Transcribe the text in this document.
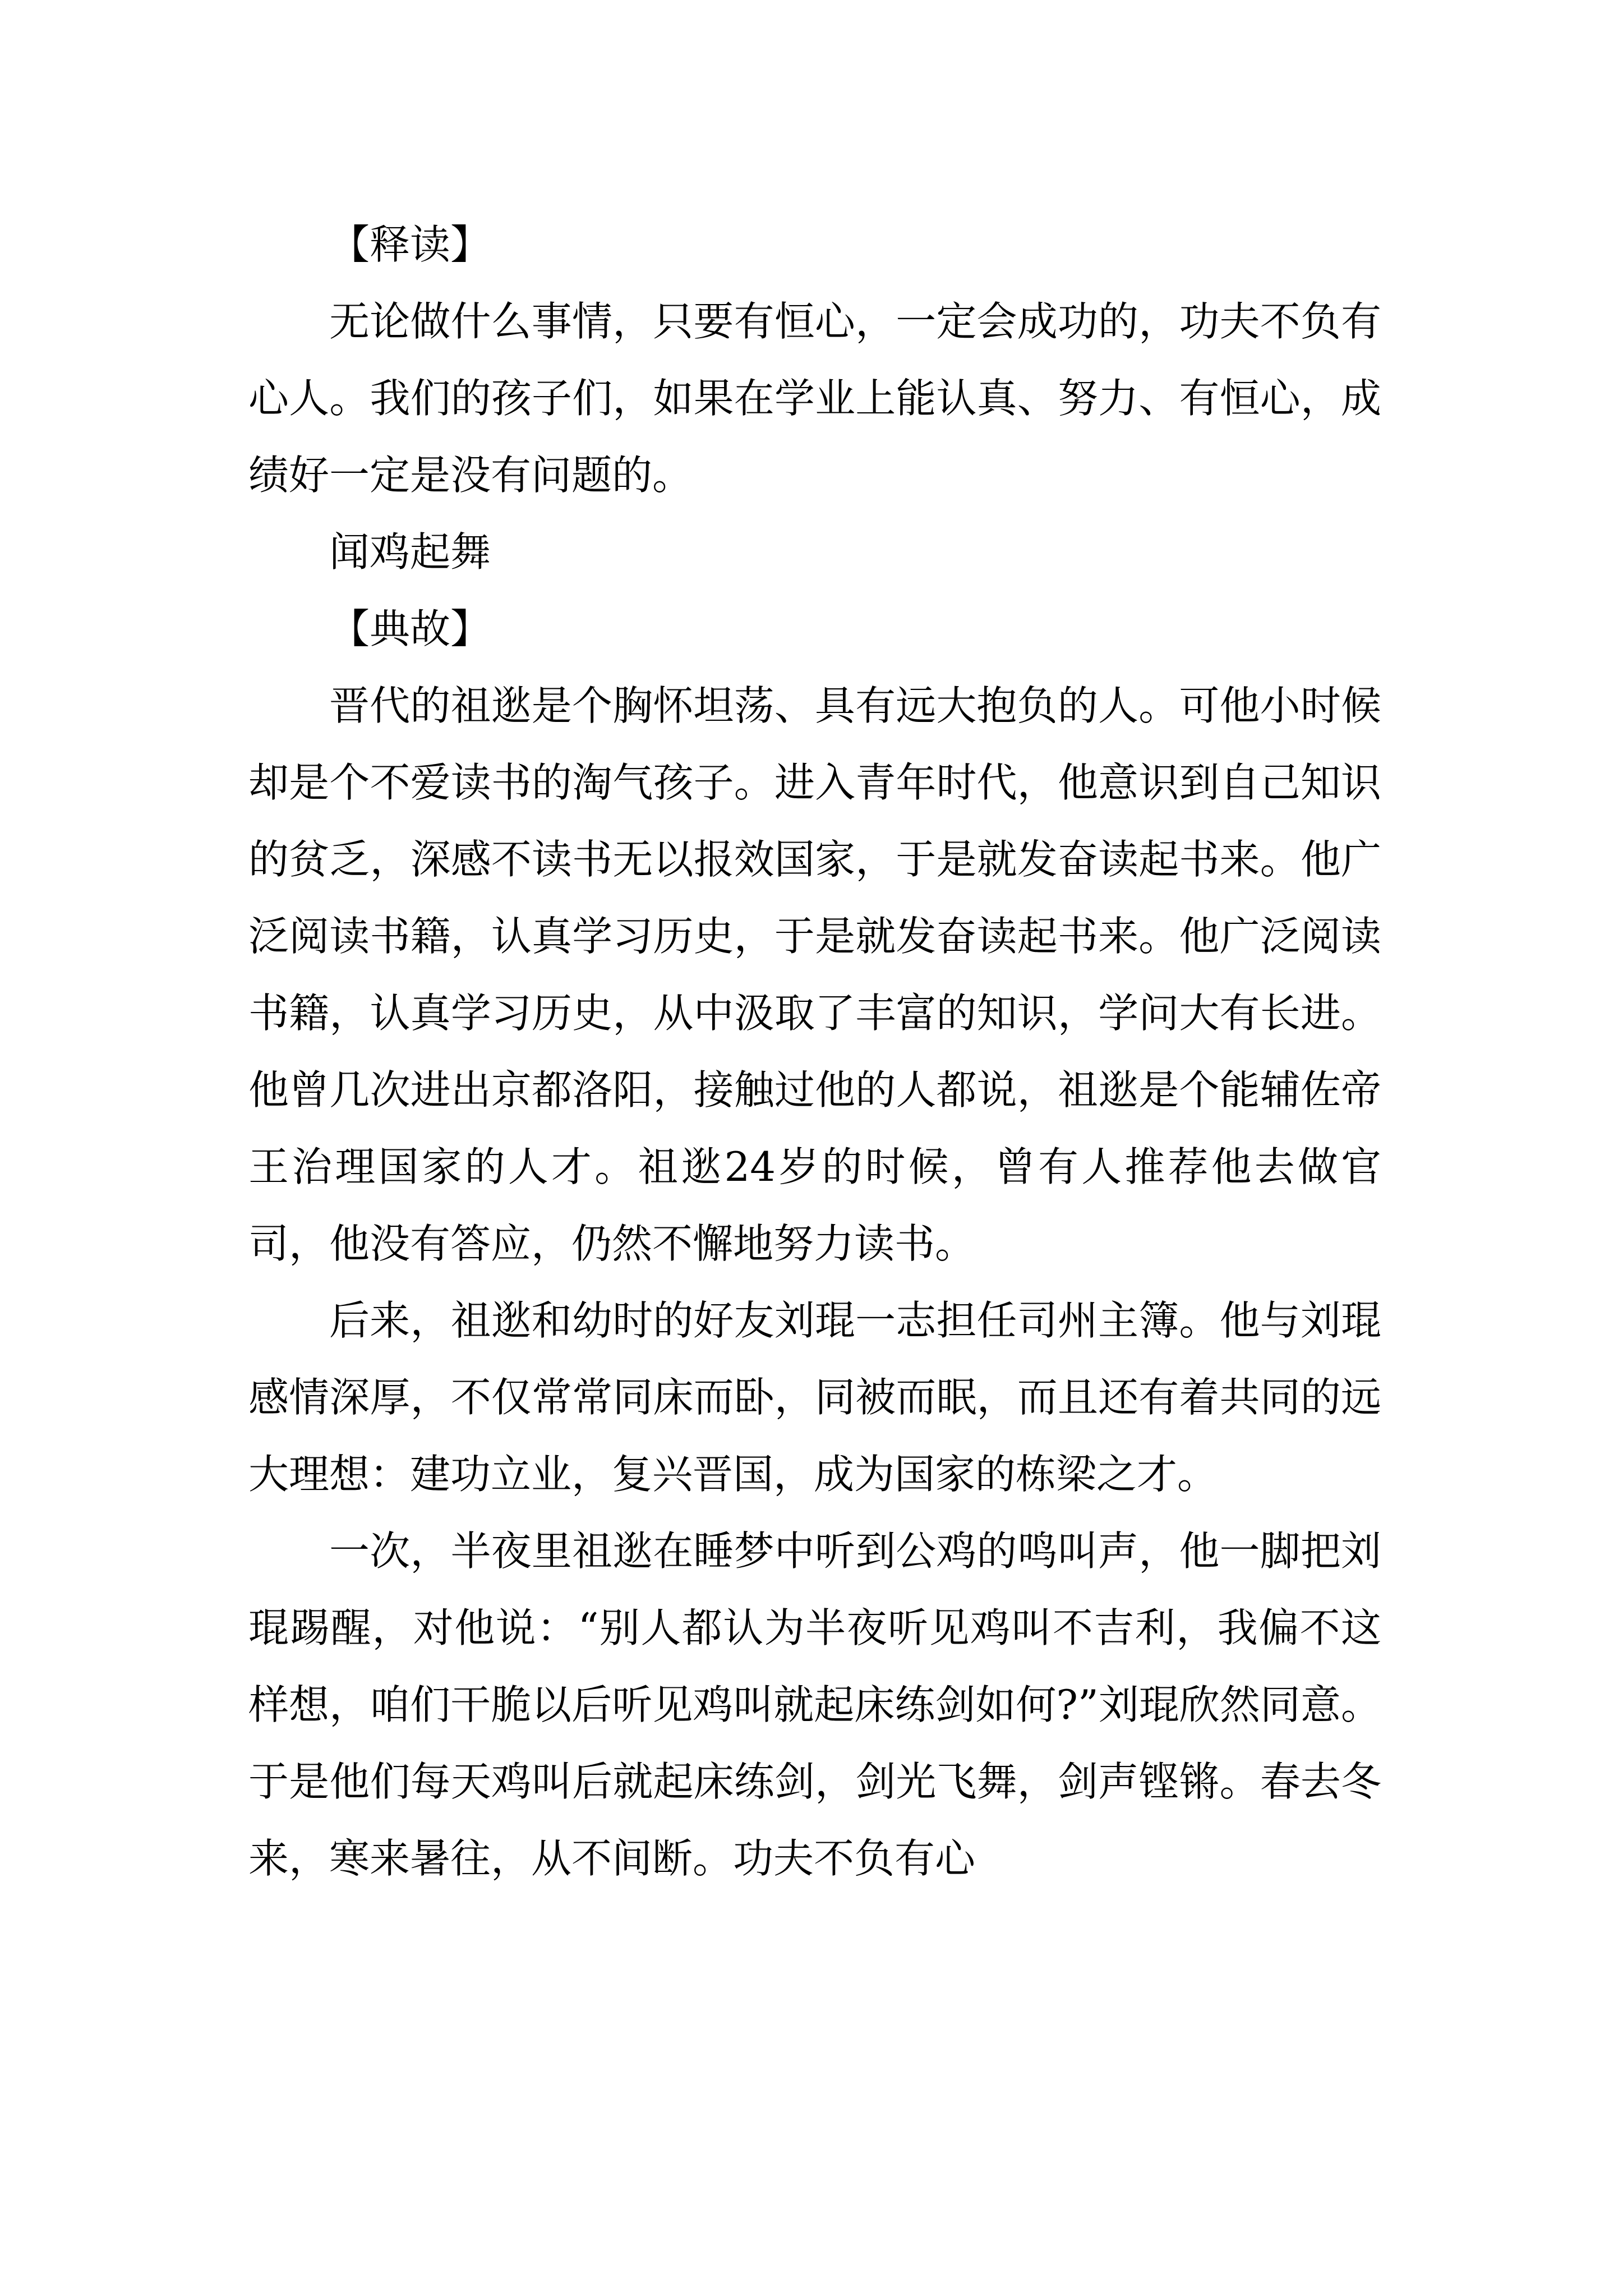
【释读】

无论做什么事情，只要有恒心，一定会成功的，功夫不负有心人。我们的孩子们，如果在学业上能认真、努力、有恒心，成绩好一定是没有问题的。

闻鸡起舞

【典故】

晋代的祖逖是个胸怀坦荡、具有远大抱负的人。可他小时候却是个不爱读书的淘气孩子。进入青年时代，他意识到自己知识的贫乏，深感不读书无以报效国家，于是就发奋读起书来。他广泛阅读书籍，认真学习历史，于是就发奋读起书来。他广泛阅读书籍，认真学习历史，从中汲取了丰富的知识，学问大有长进。他曾几次进出京都洛阳，接触过他的人都说，祖逖是个能辅佐帝王治理国家的人才。祖逖24岁的时候，曾有人推荐他去做官司，他没有答应，仍然不懈地努力读书。

后来，祖逖和幼时的好友刘琨一志担任司州主簿。他与刘琨感情深厚，不仅常常同床而卧，同被而眠，而且还有着共同的远大理想：建功立业，复兴晋国，成为国家的栋梁之才。

一次，半夜里祖逖在睡梦中听到公鸡的鸣叫声，他一脚把刘琨踢醒，对他说：“别人都认为半夜听见鸡叫不吉利，我偏不这样想，咱们干脆以后听见鸡叫就起床练剑如何?”刘琨欣然同意。于是他们每天鸡叫后就起床练剑，剑光飞舞，剑声铿锵。春去冬来，寒来暑往，从不间断。功夫不负有心
